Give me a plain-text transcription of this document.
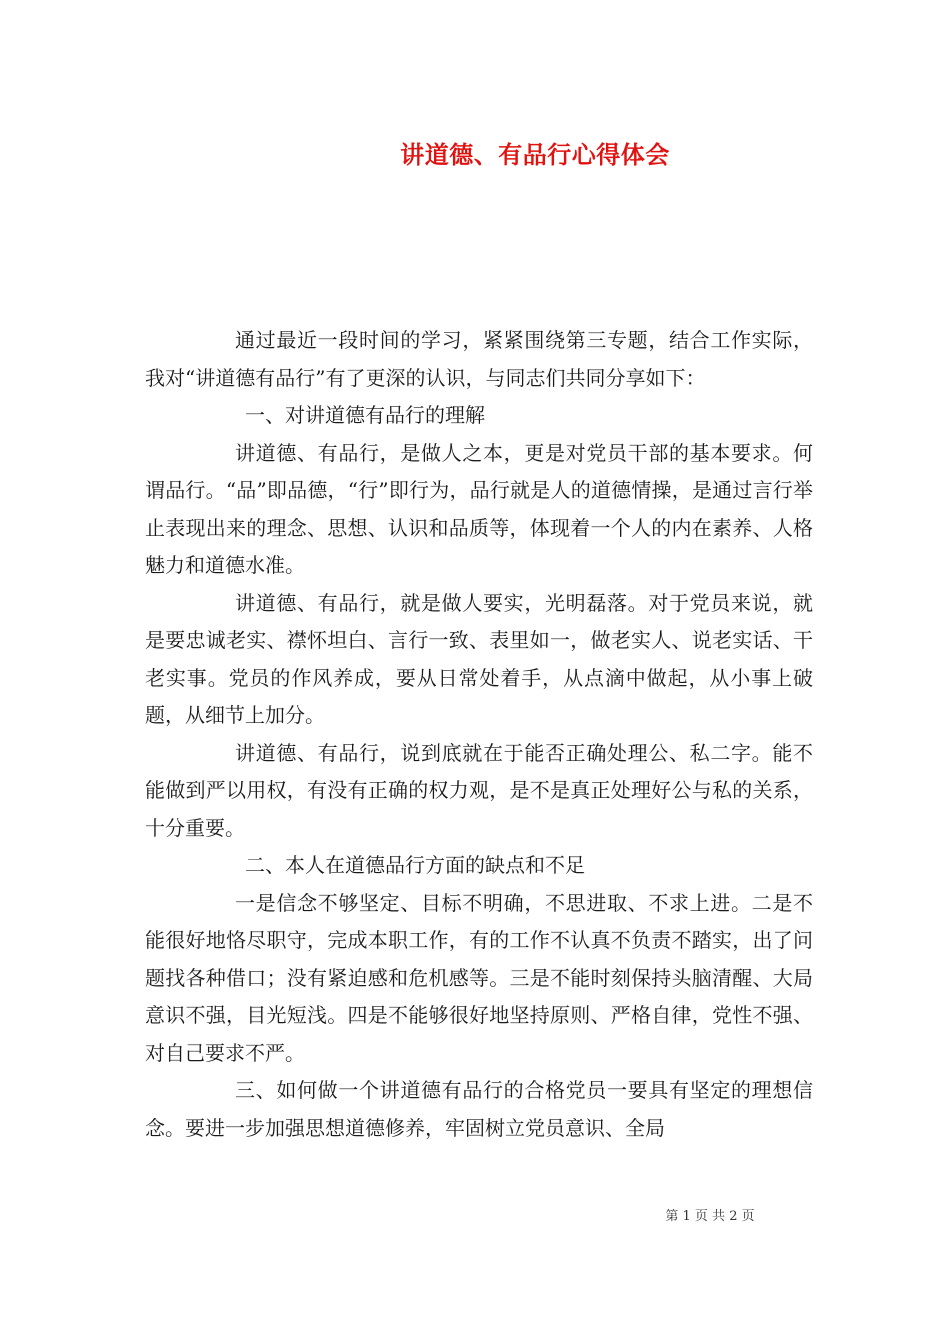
讲道德、有品行心得体会

通过最近一段时间的学习，紧紧围绕第三专题，结合工作实际，我对“讲道德有品行”有了更深的认识，与同志们共同分享如下：

一、对讲道德有品行的理解

讲道德、有品行，是做人之本，更是对党员干部的基本要求。何谓品行。“品”即品德，“行”即行为，品行就是人的道德情操，是通过言行举止表现出来的理念、思想、认识和品质等，体现着一个人的内在素养、人格魅力和道德水准。

讲道德、有品行，就是做人要实，光明磊落。对于党员来说，就是要忠诚老实、襟怀坦白、言行一致、表里如一，做老实人、说老实话、干老实事。党员的作风养成，要从日常处着手，从点滴中做起，从小事上破题，从细节上加分。

讲道德、有品行，说到底就在于能否正确处理公、私二字。能不能做到严以用权，有没有正确的权力观，是不是真正处理好公与私的关系，十分重要。

二、本人在道德品行方面的缺点和不足

一是信念不够坚定、目标不明确，不思进取、不求上进。二是不能很好地恪尽职守，完成本职工作，有的工作不认真不负责不踏实，出了问题找各种借口；没有紧迫感和危机感等。三是不能时刻保持头脑清醒、大局意识不强，目光短浅。四是不能够很好地坚持原则、严格自律，党性不强、对自己要求不严。

三、如何做一个讲道德有品行的合格党员一要具有坚定的理想信念。要进一步加强思想道德修养，牢固树立党员意识、全局

第 1 页 共 2 页
